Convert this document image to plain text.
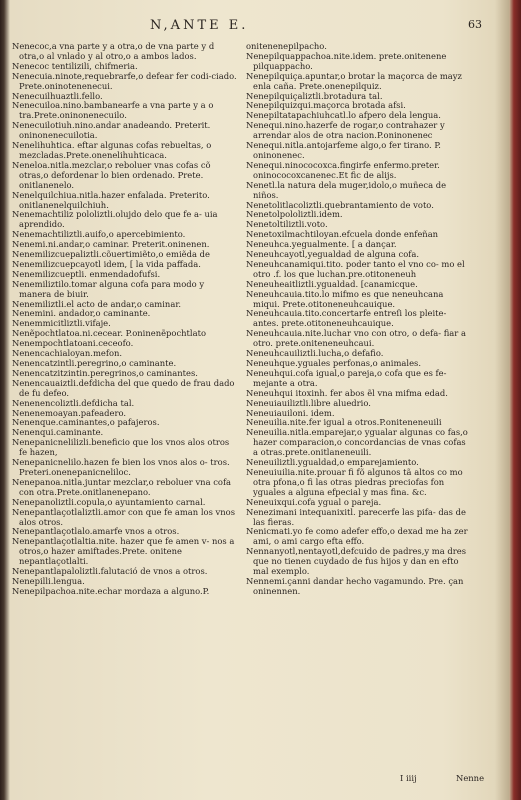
N,ANTE E.	63

Nenecoc,a vna parte y a otra,o de vna parte y d otra,o al vnlado y al otro,o a ambos lados.

Nenecoc tentilizili, chifmeria.

Nenecuia.ninote,requebrarfe,o defear fer codi-ciado. Prete.oninotenenecui.

Nenecuilhuaztli.fello.

Nenecuiloa.nino.bambanearfe a vna parte y a o tra.Prete.oninonenecuilo.

Nenecuilotiuh.nino.andar anadeando. Preterit. oninonenecuilotia.

Nenelihuhtica. eftar algunas cofas rebueltas, o mezcladas.Prete.onenelihuhticaca.

Neneloa.nitla.mezclar,o reboluer vnas cofas cõ otras,o defordenar lo bien ordenado. Prete. onitlanenelo.

Nenelquilchiua.nitla.hazer enfalada. Preterito. onitlanenelquilchiuh.

Nenemachtiliz pololiztli.olujdo delo que fe a- uia aprendido.

Nenemachtiliztli.auifo,o apercebimiento.

Nenemi.ni.andar,o caminar. Preterit.oninenen.

Nenemilizcuepaliztli.cõuertimiẽto,o emiẽda de

Nenemilizcuepcayotl idem, [ la vida paffada.

Nenemilizcueptli. enmendadofufsi.

Nenemiliztilo.tomar alguna cofa para modo y manera de biuir.

Nenemiliztli.el acto de andar,o caminar.

Nenemini. andador,o caminante.

Nenemmicitliztli.vifaje.

Nenẽpochtlatoa.ni.cecear. P.oninenẽpochtlato

Nenempochtlatoani.ceceofo.

Nenencachialoyan.mefon.

Nenencatzintli.peregrino,o caminante.

Nenencatzitzintin.peregrinos,o caminantes.

Nenencauaiztli.defdicha del que quedo de frau dado de fu defeo.

Nenenencoliztli.defdicha tal.

Nenenemoayan.pafeadero.

Nenenque.caminantes,o pafajeros.

Nenenqui.caminante.

Nenepanicnelilizli.beneficio que los vnos alos otros fe hazen,

Nenepanicnelilo.hazen fe bien los vnos alos o- tros. Preteri.onenepanicneliloc.

Nenepanoa.nitla.juntar mezclar,o reboluer vna cofa con otra.Prete.onitlanenepano.

Nenepanoliztli.copula,o ayuntamiento carnal.

Nenepantlaçotlaliztli.amor con que fe aman los vnos alos otros.

Nenepantlaçotlalo.amarfe vnos a otros.

Nenepantlaçotlaltia.nite. hazer que fe amen v- nos a otros,o hazer amiftades.Prete. onitene nepantlaçotlalti.

Nenepantlapaloliztli.falutació de vnos a otros.

Nenepilli.lengua.

Nenepilpachoa.nite.echar mordaza a alguno.P.

onitenenepilpacho.

Nenepilquappachoa.nite.idem. prete.onitenene pilquappacho.

Nenepilquiça.apuntar,o brotar la maçorca de mayz enla caña. Prete.onenepilquiz.

Nenepilquiçaliztli.brotadura tal.

Nenepilquizqui.maçorca brotada afsi.

Nenepiltatapachiuhcatl.lo afpero dela lengua.

Nenequi.nino.hazerfe de rogar,o contrahazer y arrendar alos de otra nacion.P.oninonenec

Nenequi.nitla.antojarfeme algo,o fer tirano. P. oninonenec.

Nenequi.ninococoxca.fingirfe enfermo.preter. oninococoxcanenec.Et fic de alijs.

Nenetl.la natura dela muger,idolo,o muñeca de niños.

Nenetolitlacoliztli.quebrantamiento de voto.

Nenetolpololiztli.idem.

Nenetoltiliztli.voto.

Nenetoxilmachtiloyan.efcuela donde enfeñan

Neneuhca.yegualmente. [ a dançar.

Neneuhcayotl,yegualdad de alguna cofa.

Neneuhcanamiqui.tito. poder tanto el vno co- mo el otro .f. los que luchan.pre.otitoneneuh

Neneuheaitliztli.ygualdad. [canamicque.

Neneuhcauia.tito.lo mifmo es que neneuhcana miqui. Prete.otitoneneuhcauique.

Neneuhcauia.tito.concertarfe entreſi los pleite- antes. prete.otitoneneuhcauique.

Neneuhcauia.nite.luchar vno con otro, o defa- fiar a otro. prete.oniteneneuhcaui.

Neneuhcauiliztli.lucha,o defafio.

Neneuhque.yguales perfonas,o animales.

Neneuhqui.cofa igual,o pareja,o cofa que es fe- mejante a otra.

Neneuhqui itoxinh. fer abos ẽl vna mifma edad.

Neneuiauiliztli.libre aluedrio.

Neneuiauiloni. idem.

Neneuilia.nite.fer igual a otros.P.oniteneneuili

Neneuilia.nitla.emparejar,o ygualar algunas co fas,o hazer comparacion,o concordancias de vnas cofas a otras.prete.onitlaneneuili.

Neneuiliztli.ygualdad,o emparejamiento.

Neneuiuilia.nite.prouar fi fõ algunos tã altos co mo otra pfona,o fi las otras piedras preciofas fon yguales a alguna efpecial y mas fina. &c.

Neneuixqui.cofa ygual o pareja.

Nenezimani intequanixitl. parecerfe las pifa- das de las fieras.

Nenicmati.yo fe como adefer effo,o dexad me ha zer ami, o ami cargo efta effo.

Nennanyotl,nentayotl,defcuido de padres,y ma dres que no tienen cuydado de fus hijos y dan en efto mal exemplo.

Nennemi.çanni dandar hecho vagamundo. Pre. çan oninennen.

I iiij	Nenne
